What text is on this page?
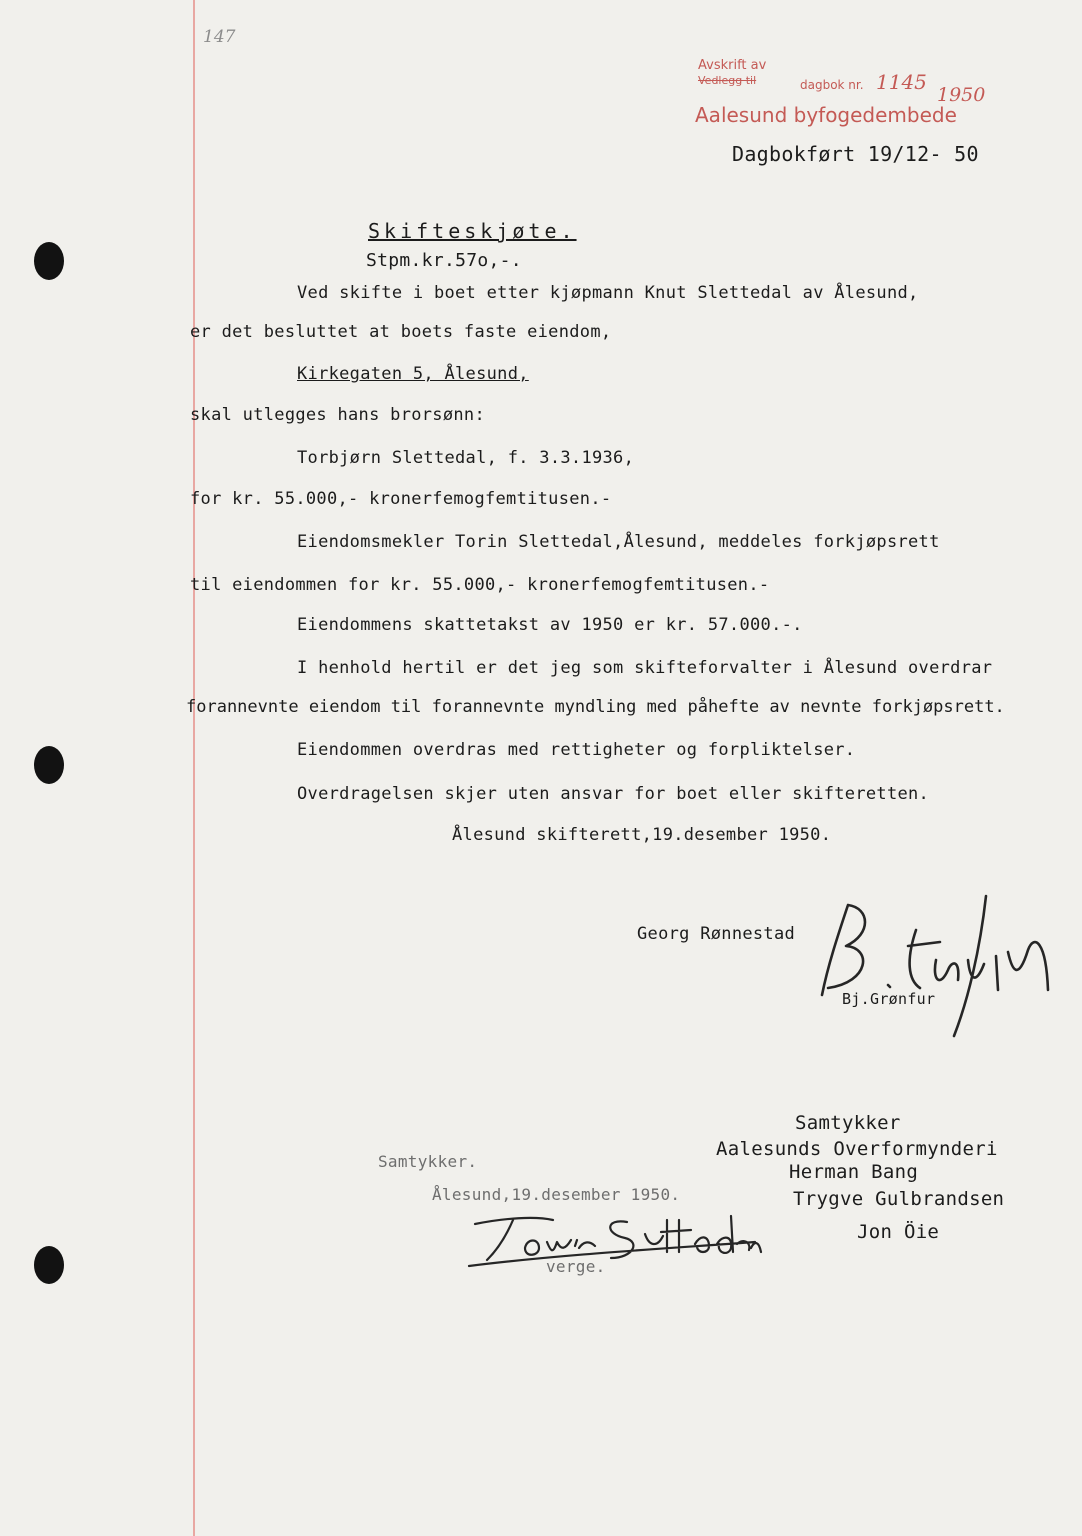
147
Avskrift av
Vedlegg til	dagbok nr. 1145
1950
Aalesund byfogedembede
Dagbokført 19/12- 50
Skifteskjøte.
Stpm.kr.57o,-.
Ved skifte i boet etter kjøpmann Knut Slettedal av Ålesund,
er det besluttet at boets faste eiendom,
Kirkegaten 5, Ålesund,
skal utlegges hans brorsønn:
Torbjørn Slettedal, f. 3.3.1936,
for kr. 55.000,- kronerfemogfemtitusen.-
Eiendomsmekler Torin Slettedal,Ålesund, meddeles forkjøpsrett
til eiendommen for kr. 55.000,- kronerfemogfemtitusen.-
Eiendommens skattetakst av 1950 er kr. 57.000.-.
I henhold hertil er det jeg som skifteforvalter i Ålesund overdrar
forannevnte eiendom til forannevnte myndling med påhefte av nevnte forkjøpsrett.
Eiendommen overdras med rettigheter og forpliktelser.
Overdragelsen skjer uten ansvar for boet eller skifteretten.
Ålesund skifterett,19.desember 1950.
Georg Rønnestad
Bj.Grønfur
Samtykker.
Ålesund,19.desember 1950.
verge.
Samtykker
Aalesunds Overformynderi
Herman Bang
Trygve Gulbrandsen
Jon Öie
